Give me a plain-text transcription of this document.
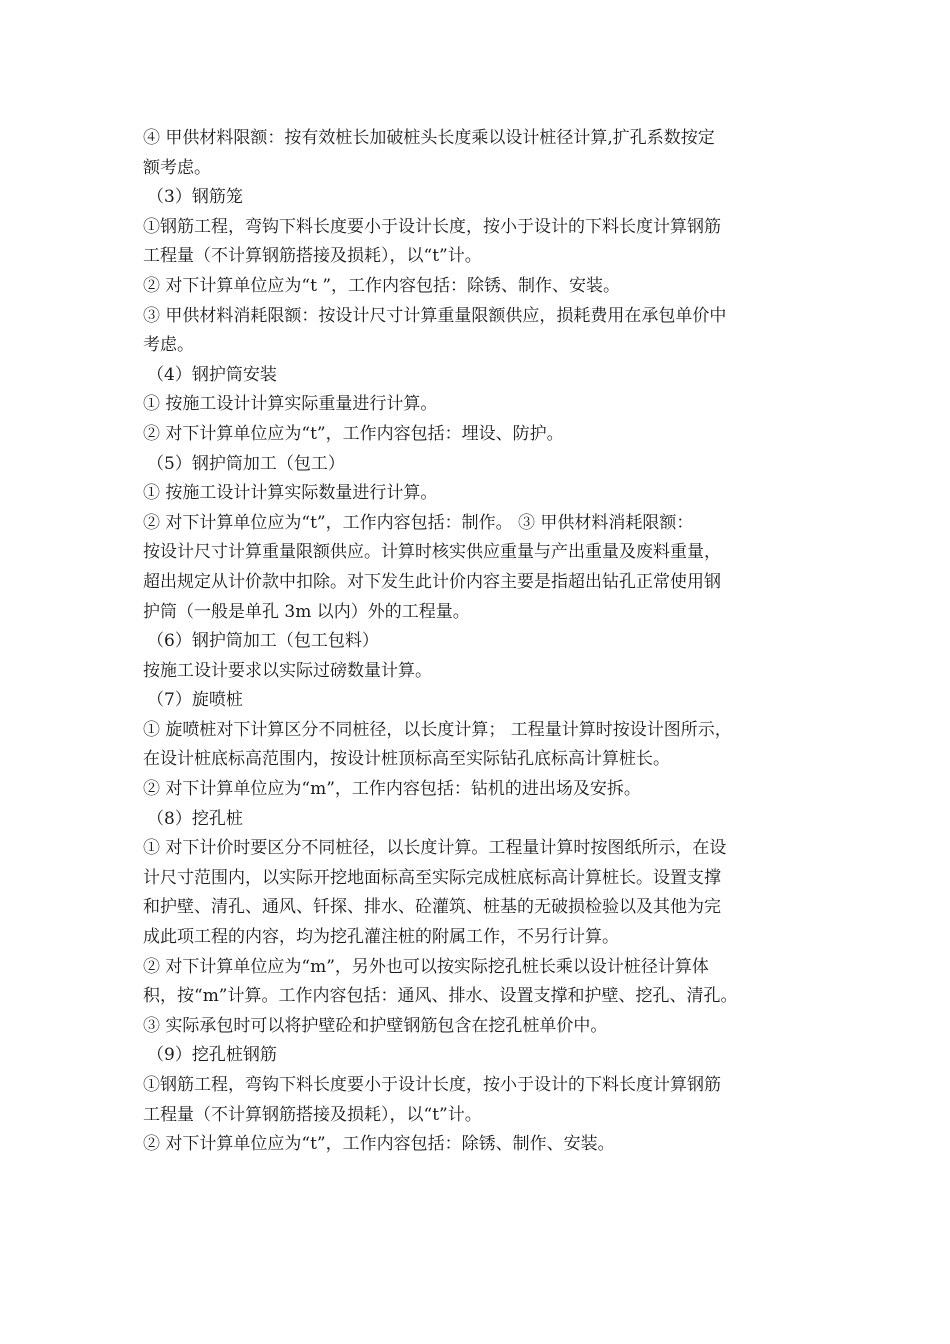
④ 甲供材料限额：按有效桩长加破桩头长度乘以设计桩径计算,扩孔系数按定
额考虑。
（3）钢筋笼
①钢筋工程，弯钩下料长度要小于设计长度，按小于设计的下料长度计算钢筋
工程量（不计算钢筋搭接及损耗），以“t”计。
② 对下计算单位应为“t ”，工作内容包括：除锈、制作、安装。
③ 甲供材料消耗限额：按设计尺寸计算重量限额供应，损耗费用在承包单价中
考虑。
（4）钢护筒安装
① 按施工设计计算实际重量进行计算。
② 对下计算单位应为“t”，工作内容包括：埋设、防护。
（5）钢护筒加工（包工）
① 按施工设计计算实际数量进行计算。
② 对下计算单位应为“t”，工作内容包括：制作。 ③ 甲供材料消耗限额：
按设计尺寸计算重量限额供应。计算时核实供应重量与产出重量及废料重量，
超出规定从计价款中扣除。对下发生此计价内容主要是指超出钻孔正常使用钢
护筒（一般是单孔 3m 以内）外的工程量。
（6）钢护筒加工（包工包料）
按施工设计要求以实际过磅数量计算。
（7）旋喷桩
① 旋喷桩对下计算区分不同桩径，以长度计算； 工程量计算时按设计图所示，
在设计桩底标高范围内，按设计桩顶标高至实际钻孔底标高计算桩长。
② 对下计算单位应为“m”，工作内容包括：钻机的进出场及安拆。
（8）挖孔桩
① 对下计价时要区分不同桩径，以长度计算。工程量计算时按图纸所示，在设
计尺寸范围内，以实际开挖地面标高至实际完成桩底标高计算桩长。设置支撑
和护壁、清孔、通风、钎探、排水、砼灌筑、桩基的无破损检验以及其他为完
成此项工程的内容，均为挖孔灌注桩的附属工作，不另行计算。
② 对下计算单位应为“m”，另外也可以按实际挖孔桩长乘以设计桩径计算体
积，按“m”计算。工作内容包括：通风、排水、设置支撑和护壁、挖孔、清孔。
③ 实际承包时可以将护壁砼和护壁钢筋包含在挖孔桩单价中。
（9）挖孔桩钢筋
①钢筋工程，弯钩下料长度要小于设计长度，按小于设计的下料长度计算钢筋
工程量（不计算钢筋搭接及损耗），以“t”计。
② 对下计算单位应为“t”，工作内容包括：除锈、制作、安装。
